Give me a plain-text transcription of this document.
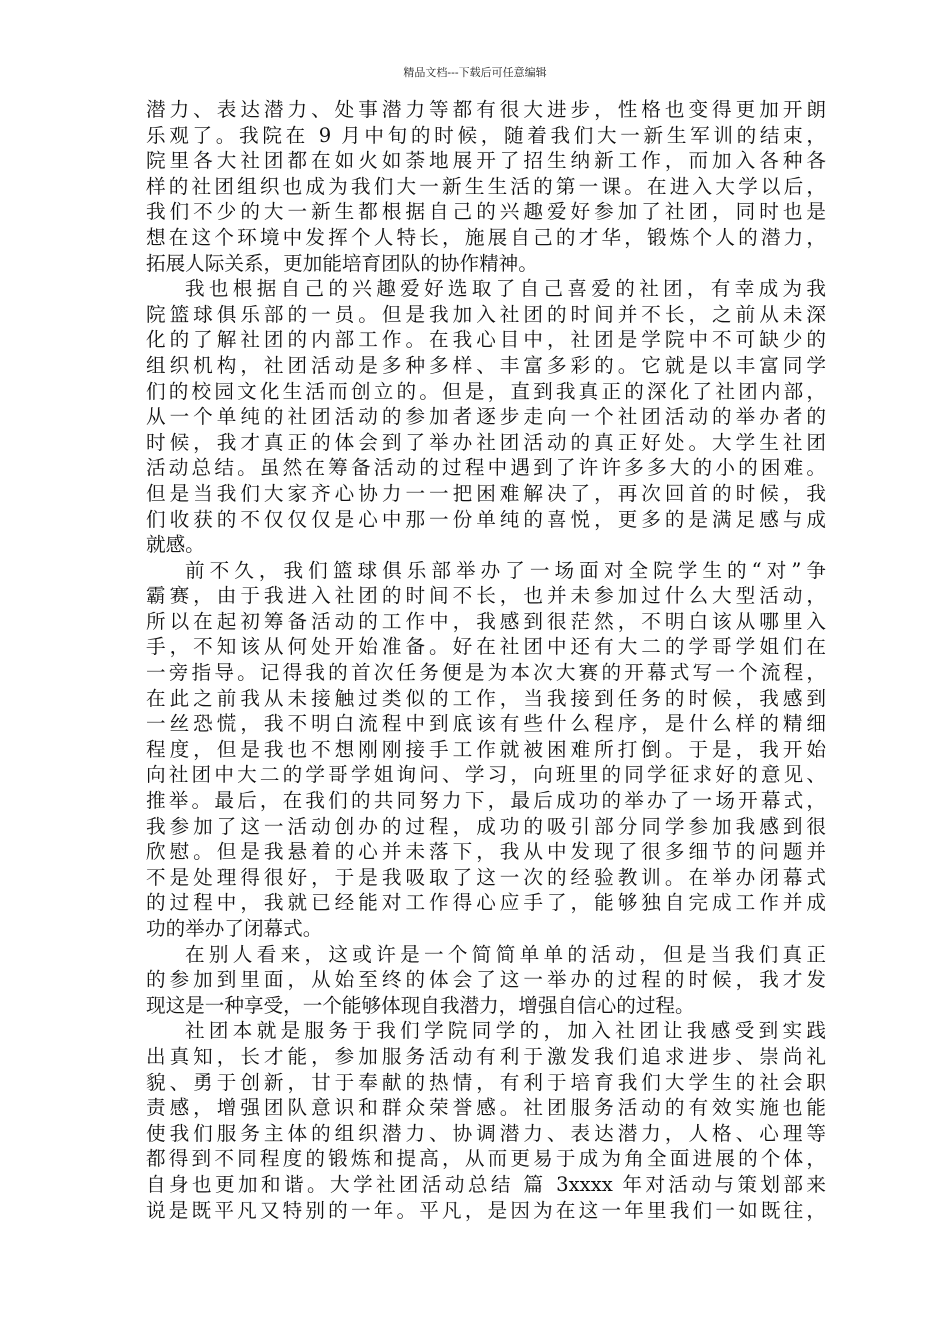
精品文档---下载后可任意编辑
潜力、表达潜力、处事潜力等都有很大进步，性格也变得更加开朗
乐观了。我院在 9 月中旬的时候，随着我们大一新生军训的结束，
院里各大社团都在如火如荼地展开了招生纳新工作，而加入各种各
样的社团组织也成为我们大一新生生活的第一课。在进入大学以后，
我们不少的大一新生都根据自己的兴趣爱好参加了社团，同时也是
想在这个环境中发挥个人特长，施展自己的才华，锻炼个人的潜力，
拓展人际关系，更加能培育团队的协作精神。
我也根据自己的兴趣爱好选取了自己喜爱的社团，有幸成为我
院篮球俱乐部的一员。但是我加入社团的时间并不长，之前从未深
化的了解社团的内部工作。在我心目中，社团是学院中不可缺少的
组织机构，社团活动是多种多样、丰富多彩的。它就是以丰富同学
们的校园文化生活而创立的。但是，直到我真正的深化了社团内部，
从一个单纯的社团活动的参加者逐步走向一个社团活动的举办者的
时候，我才真正的体会到了举办社团活动的真正好处。大学生社团
活动总结。虽然在筹备活动的过程中遇到了许许多多大的小的困难。
但是当我们大家齐心协力一一把困难解决了，再次回首的时候，我
们收获的不仅仅仅是心中那一份单纯的喜悦，更多的是满足感与成
就感。
前不久，我们篮球俱乐部举办了一场面对全院学生的“对”争
霸赛，由于我进入社团的时间不长，也并未参加过什么大型活动，
所以在起初筹备活动的工作中，我感到很茫然，不明白该从哪里入
手，不知该从何处开始准备。好在社团中还有大二的学哥学姐们在
一旁指导。记得我的首次任务便是为本次大赛的开幕式写一个流程，
在此之前我从未接触过类似的工作，当我接到任务的时候，我感到
一丝恐慌，我不明白流程中到底该有些什么程序，是什么样的精细
程度，但是我也不想刚刚接手工作就被困难所打倒。于是，我开始
向社团中大二的学哥学姐询问、学习，向班里的同学征求好的意见、
推举。最后，在我们的共同努力下，最后成功的举办了一场开幕式，
我参加了这一活动创办的过程，成功的吸引部分同学参加我感到很
欣慰。但是我悬着的心并未落下，我从中发现了很多细节的问题并
不是处理得很好，于是我吸取了这一次的经验教训。在举办闭幕式
的过程中，我就已经能对工作得心应手了，能够独自完成工作并成
功的举办了闭幕式。
在别人看来，这或许是一个简简单单的活动，但是当我们真正
的参加到里面，从始至终的体会了这一举办的过程的时候，我才发
现这是一种享受，一个能够体现自我潜力，增强自信心的过程。
社团本就是服务于我们学院同学的，加入社团让我感受到实践
出真知，长才能，参加服务活动有利于激发我们追求进步、崇尚礼
貌、勇于创新，甘于奉献的热情，有利于培育我们大学生的社会职
责感，增强团队意识和群众荣誉感。社团服务活动的有效实施也能
使我们服务主体的组织潜力、协调潜力、表达潜力，人格、心理等
都得到不同程度的锻炼和提高，从而更易于成为角全面进展的个体，
自身也更加和谐。大学社团活动总结 篇 3xxxx 年对活动与策划部来
说是既平凡又特别的一年。平凡，是因为在这一年里我们一如既往，
